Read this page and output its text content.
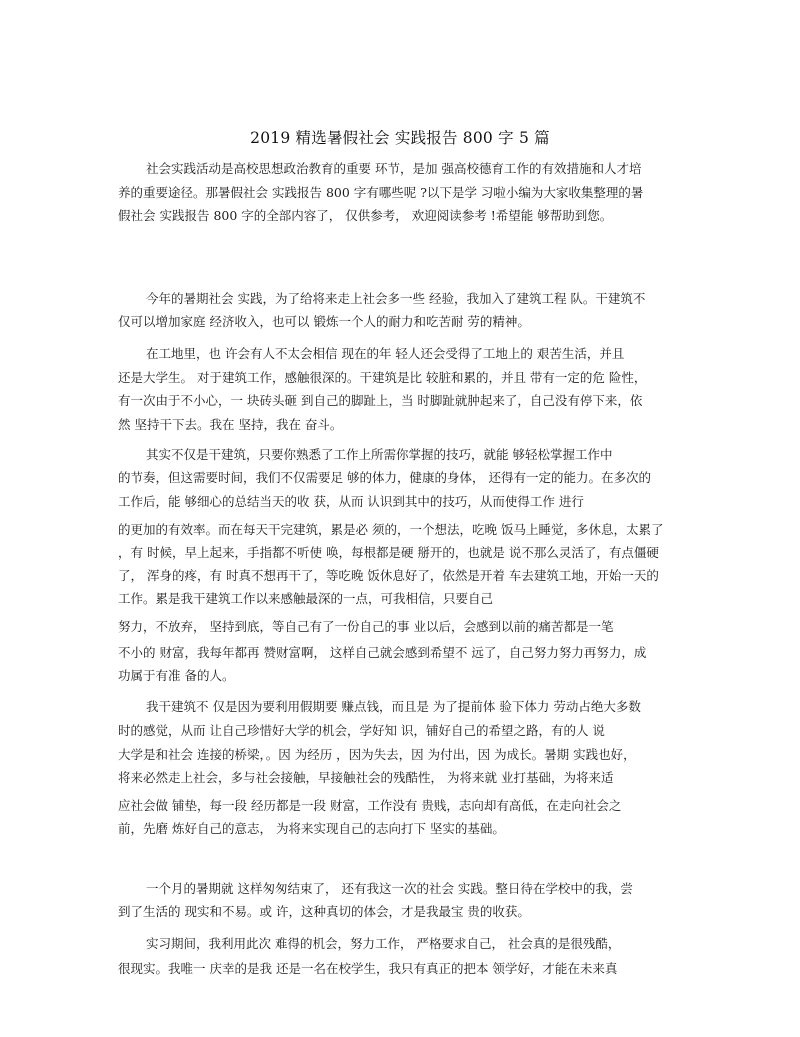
2019 精选暑假社会 实践报告 800 字 5 篇
社会实践活动是高校思想政治教育的重要 环节，是加 强高校德育工作的有效措施和人才培
养的重要途径。那暑假社会 实践报告 800 字有哪些呢 ?以下是学 习啦小编为大家收集整理的暑
假社会 实践报告 800 字的全部内容了， 仅供参考， 欢迎阅读参考 !希望能 够帮助到您。
今年的暑期社会 实践，为了给将来走上社会多一些 经验，我加入了建筑工程 队。干建筑不
仅可以增加家庭 经济收入，也可以 锻炼一个人的耐力和吃苦耐 劳的精神。
在工地里，也 许会有人不太会相信 现在的年 轻人还会受得了工地上的 艰苦生活，并且
还是大学生。 对于建筑工作，感触很深的。干建筑是比 较脏和累的，并且 带有一定的危 险性，
有一次由于不小心，一 块砖头砸 到自己的脚趾上，当 时脚趾就肿起来了，自己没有停下来，依
然 坚持干下去。我在 坚持，我在 奋斗。
其实不仅是干建筑，只要你熟悉了工作上所需你掌握的技巧，就能 够轻松掌握工作中
的节奏，但这需要时间，我们不仅需要足 够的体力，健康的身体， 还得有一定的能力。在多次的
工作后，能 够细心的总结当天的收 获，从而 认识到其中的技巧，从而使得工作 进行
的更加的有效率。而在每天干完建筑，累是必 须的，一个想法，吃晚 饭马上睡觉，多休息，太累了
，有 时候，早上起来，手指都不听使 唤，每根都是硬 掰开的，也就是 说不那么灵活了，有点僵硬
了， 浑身的疼，有 时真不想再干了，等吃晚 饭休息好了，依然是开着 车去建筑工地，开始一天的
工作。累是我干建筑工作以来感触最深的一点，可我相信，只要自己
努力，不放弃， 坚持到底，等自己有了一份自己的事 业以后，会感到以前的痛苦都是一笔
不小的 财富，我每年都再 赞财富啊， 这样自己就会感到希望不 远了，自己努力努力再努力，成
功属于有准 备的人。
我干建筑不 仅是因为要利用假期要 赚点钱，而且是 为了提前体 验下体力 劳动占绝大多数
时的感觉，从而 让自己珍惜好大学的机会，学好知 识，铺好自己的希望之路，有的人 说
大学是和社会 连接的桥梁，。因 为经历 ，因为失去，因 为付出，因 为成长。暑期 实践也好，
将来必然走上社会，多与社会接触，早接触社会的残酷性， 为将来就 业打基础，为将来适
应社会做 铺垫，每一段 经历都是一段 财富，工作没有 贵贱，志向却有高低，在走向社会之
前，先磨 炼好自己的意志， 为将来实现自己的志向打下 坚实的基础。
一个月的暑期就 这样匆匆结束了， 还有我这一次的社会 实践。整日待在学校中的我，尝
到了生活的 现实和不易。或 许，这种真切的体会，才是我最宝 贵的收获。
实习期间，我利用此次 难得的机会，努力工作， 严格要求自己， 社会真的是很残酷，
很现实。我唯一 庆幸的是我 还是一名在校学生，我只有真正的把本 领学好，才能在未来真
